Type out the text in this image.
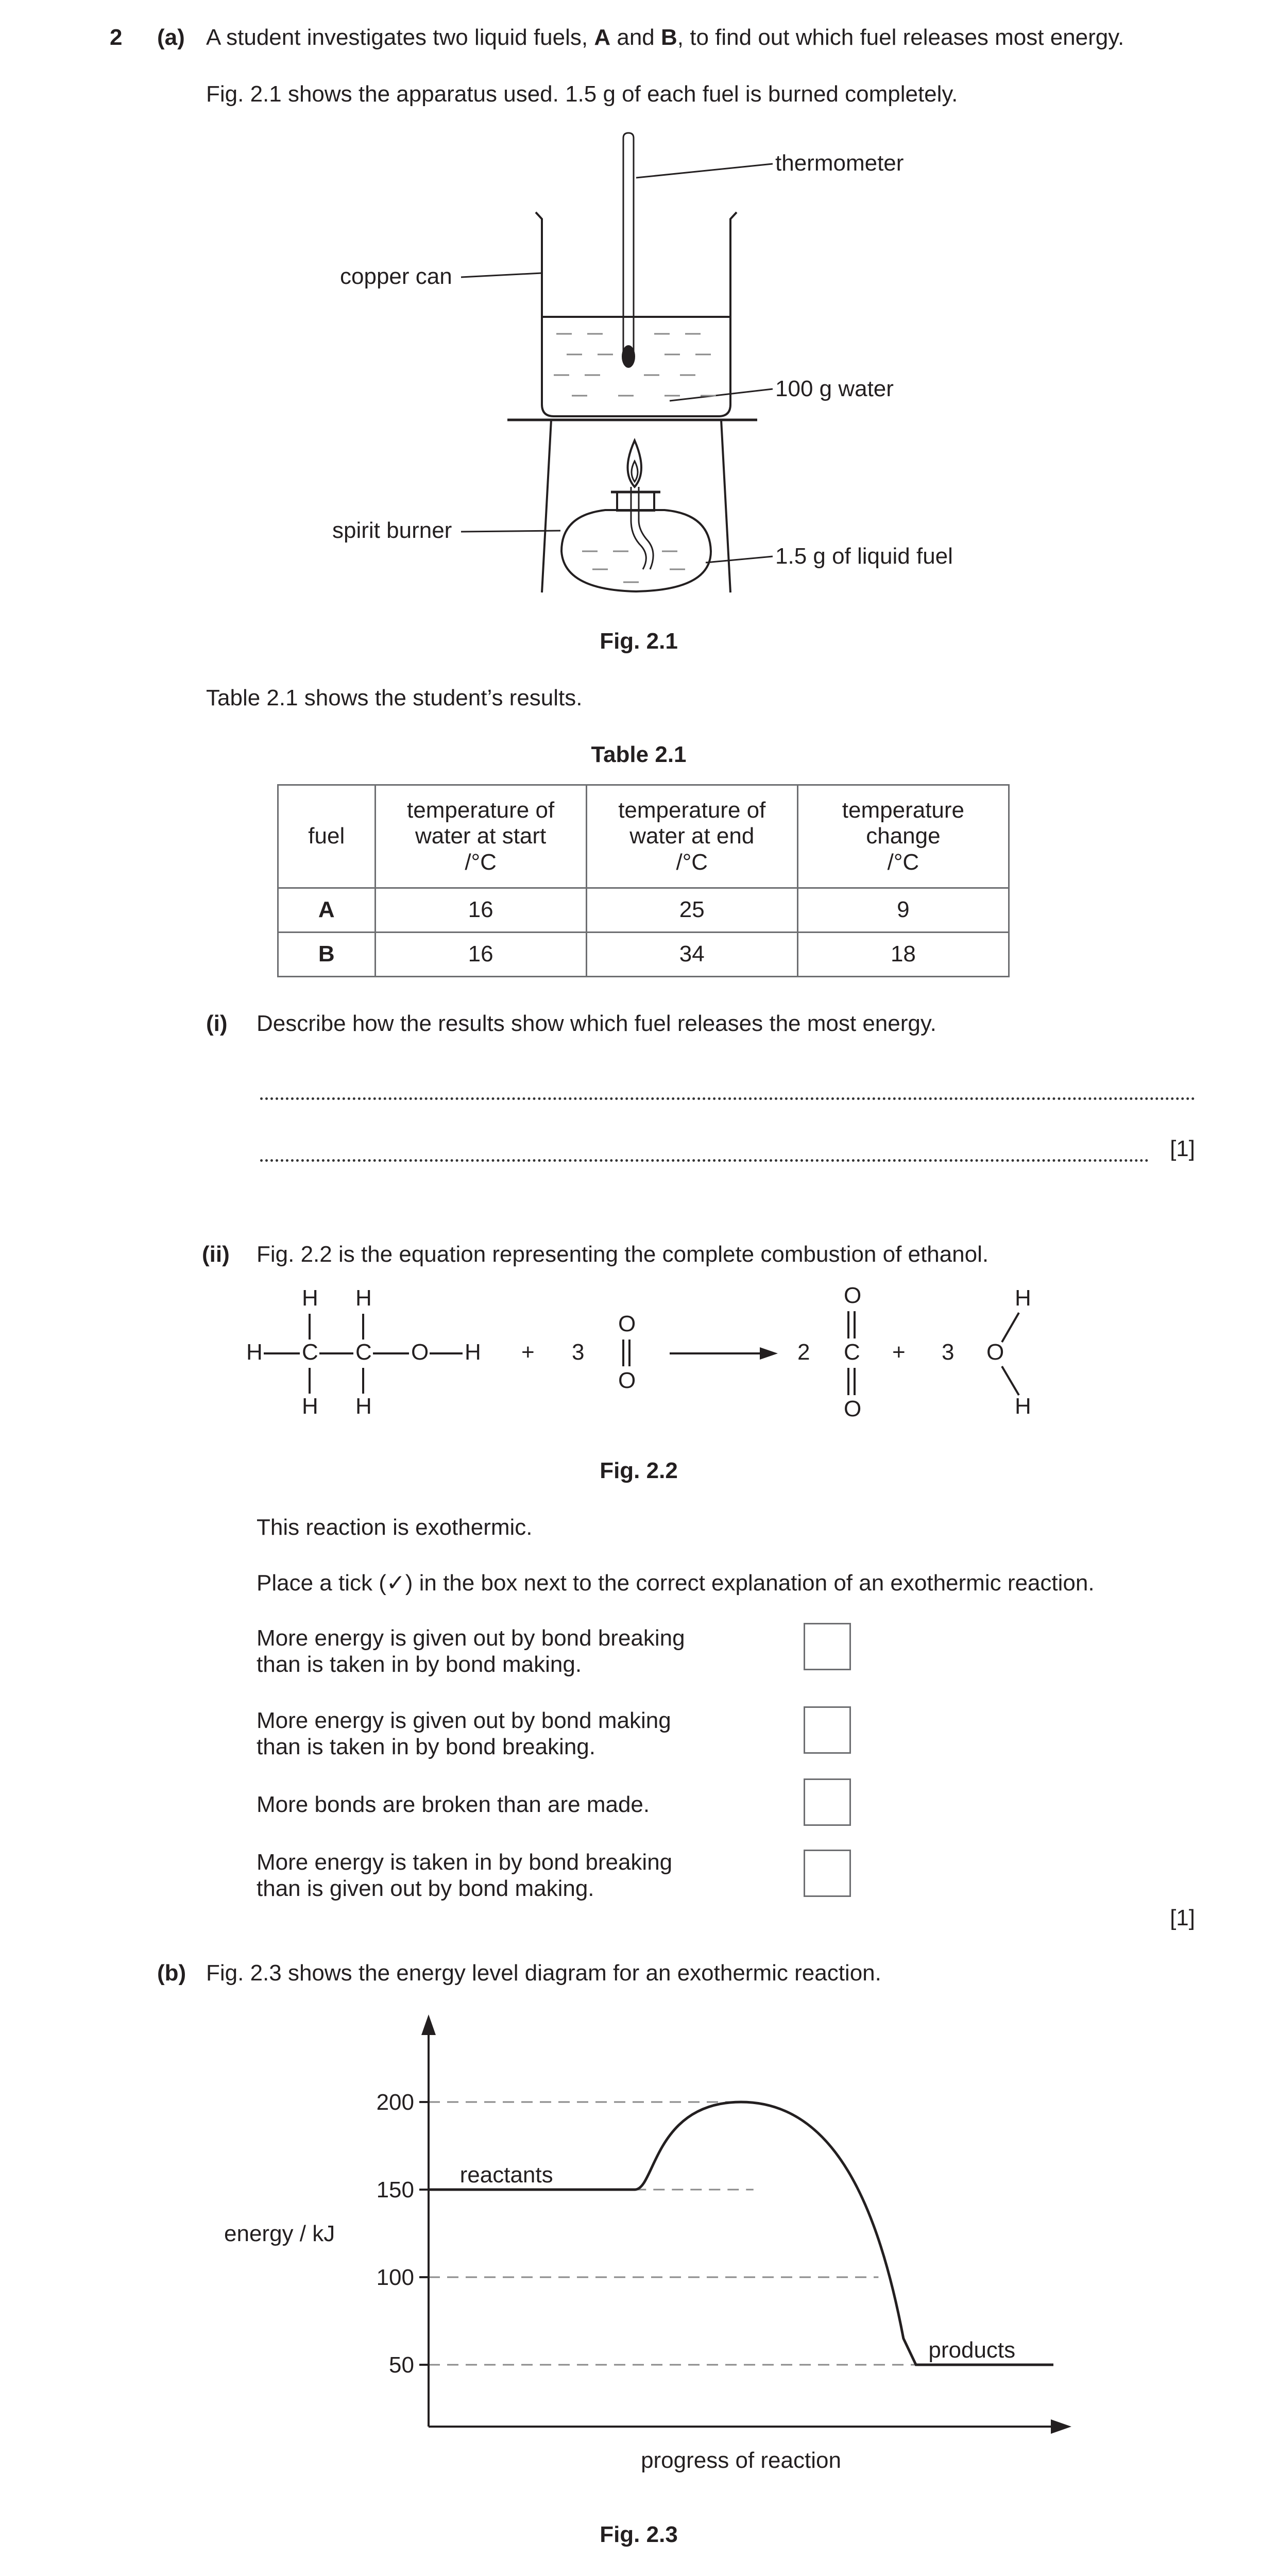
2 (a) A student investigates two liquid fuels, A and B, to find out which fuel releases most energy.
Fig. 2.1 shows the apparatus used. 1.5 g of each fuel is burned completely.
thermometer
copper can
100 g water
spirit burner
1.5 g of liquid fuel
Fig. 2.1
Table 2.1 shows the student’s results.
Table 2.1
fuel	temperature of
water at start
/°C	temperature of
water at end
/°C	temperature
change
/°C
A	16	25	9
B	16	34	18
(i) Describe how the results show which fuel releases the most energy.
[1]
(ii) Fig. 2.2 is the equation representing the complete combustion of ethanol.
H H
H C C O H
H H
+ 3
O
O
2
O
C
O
+ 3
H
O
H
Fig. 2.2
This reaction is exothermic.
Place a tick (✓) in the box next to the correct explanation of an exothermic reaction.
More energy is given out by bond breaking
than is taken in by bond making.
More energy is given out by bond making
than is taken in by bond breaking.
More bonds are broken than are made.
More energy is taken in by bond breaking
than is given out by bond making.
[1]
(b) Fig. 2.3 shows the energy level diagram for an exothermic reaction.
50
100
150
200
reactants
products
energy / kJ
progress of reaction
Fig. 2.3
